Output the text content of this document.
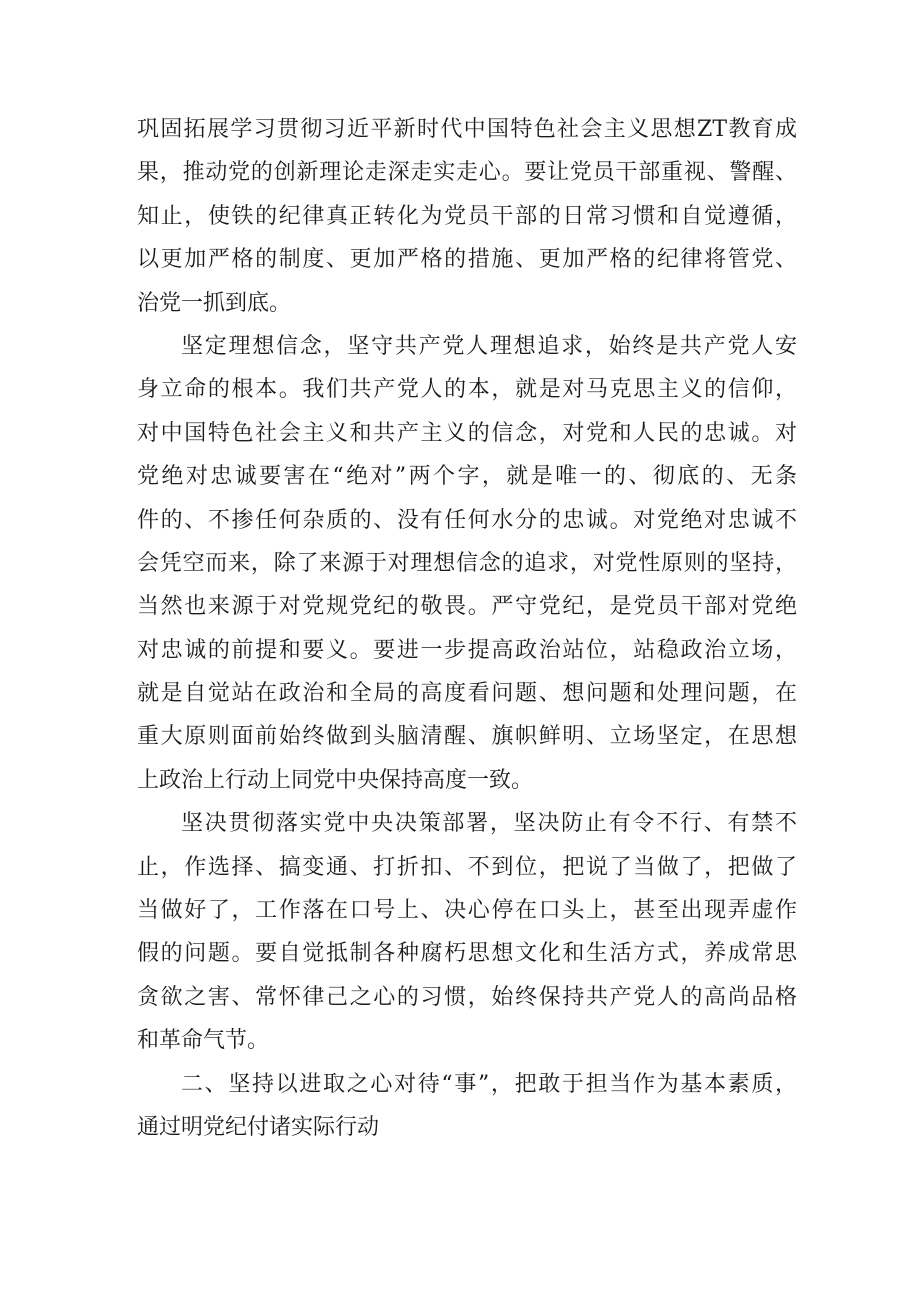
巩固拓展学习贯彻习近平新时代中国特色社会主义思想ZT教育成
果，推动党的创新理论走深走实走心。要让党员干部重视、警醒、
知止，使铁的纪律真正转化为党员干部的日常习惯和自觉遵循，
以更加严格的制度、更加严格的措施、更加严格的纪律将管党、
治党一抓到底。
坚定理想信念，坚守共产党人理想追求，始终是共产党人安
身立命的根本。我们共产党人的本，就是对马克思主义的信仰，
对中国特色社会主义和共产主义的信念，对党和人民的忠诚。对
党绝对忠诚要害在“绝对”两个字，就是唯一的、彻底的、无条
件的、不掺任何杂质的、没有任何水分的忠诚。对党绝对忠诚不
会凭空而来，除了来源于对理想信念的追求，对党性原则的坚持，
当然也来源于对党规党纪的敬畏。严守党纪，是党员干部对党绝
对忠诚的前提和要义。要进一步提高政治站位，站稳政治立场，
就是自觉站在政治和全局的高度看问题、想问题和处理问题，在
重大原则面前始终做到头脑清醒、旗帜鲜明、立场坚定，在思想
上政治上行动上同党中央保持高度一致。
坚决贯彻落实党中央决策部署，坚决防止有令不行、有禁不
止，作选择、搞变通、打折扣、不到位，把说了当做了，把做了
当做好了，工作落在口号上、决心停在口头上，甚至出现弄虚作
假的问题。要自觉抵制各种腐朽思想文化和生活方式，养成常思
贪欲之害、常怀律己之心的习惯，始终保持共产党人的高尚品格
和革命气节。
二、坚持以进取之心对待“事”，把敢于担当作为基本素质，
通过明党纪付诸实际行动
